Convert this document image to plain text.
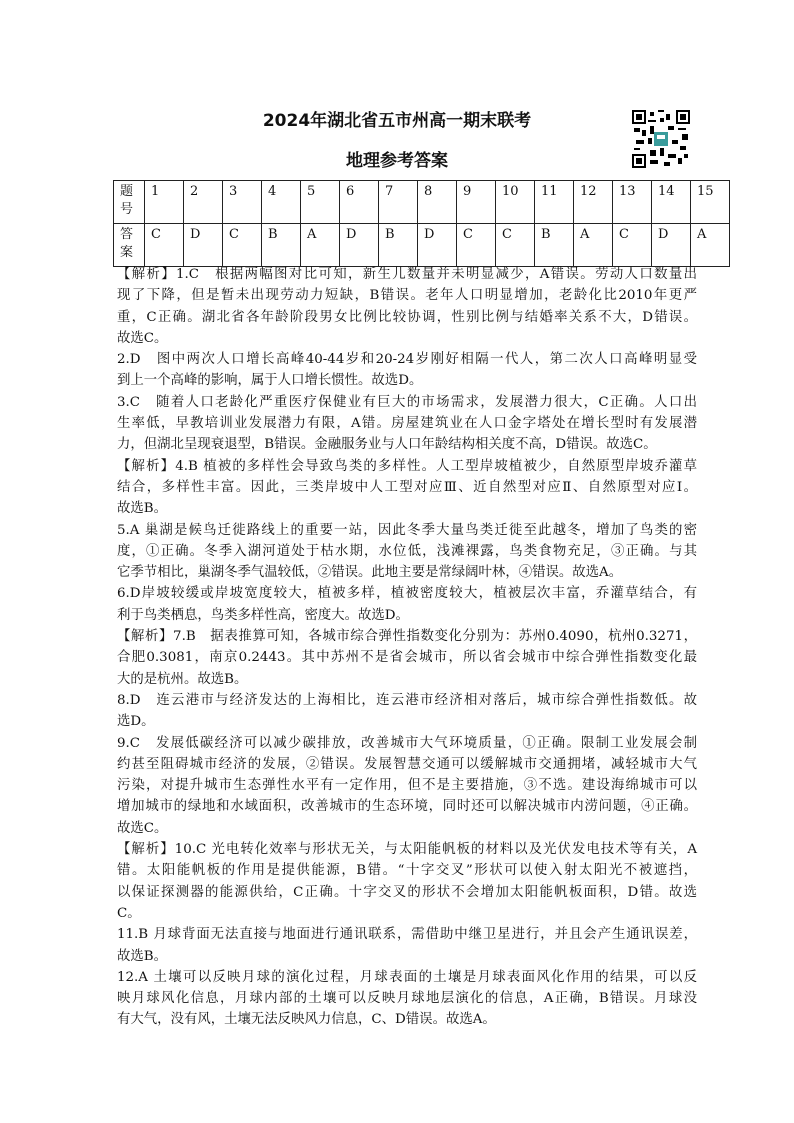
2024年湖北省五市州高一期末联考
地理参考答案
题号	1	2	3	4	5	6	7	8	9	10	11	12	13	14	15
答案	C	D	C	B	A	D	B	D	C	C	B	A	C	D	A
【解析】1.C　根据两幅图对比可知，新生儿数量并未明显减少，A错误。劳动人口数量出
现了下降，但是暂未出现劳动力短缺，B错误。老年人口明显增加，老龄化比2010年更严
重，C正确。湖北省各年龄阶段男女比例比较协调，性别比例与结婚率关系不大，D错误。
故选C。
2.D　图中两次人口增长高峰40-44岁和20-24岁刚好相隔一代人，第二次人口高峰明显受
到上一个高峰的影响，属于人口增长惯性。故选D。
3.C　随着人口老龄化严重医疗保健业有巨大的市场需求，发展潜力很大，C正确。人口出
生率低，早教培训业发展潜力有限，A错。房屋建筑业在人口金字塔处在增长型时有发展潜
力，但湖北呈现衰退型，B错误。金融服务业与人口年龄结构相关度不高，D错误。故选C。
【解析】4.B 植被的多样性会导致鸟类的多样性。人工型岸坡植被少，自然原型岸坡乔灌草
结合，多样性丰富。因此，三类岸坡中人工型对应Ⅲ、近自然型对应Ⅱ、自然原型对应Ⅰ。
故选B。
5.A 巢湖是候鸟迁徙路线上的重要一站，因此冬季大量鸟类迁徙至此越冬，增加了鸟类的密
度，①正确。冬季入湖河道处于枯水期，水位低，浅滩裸露，鸟类食物充足，③正确。与其
它季节相比，巢湖冬季气温较低，②错误。此地主要是常绿阔叶林，④错误。故选A。
6.D岸坡较缓或岸坡宽度较大，植被多样，植被密度较大，植被层次丰富，乔灌草结合，有
利于鸟类栖息，鸟类多样性高，密度大。故选D。
【解析】7.B　据表推算可知，各城市综合弹性指数变化分别为：苏州0.4090，杭州0.3271，
合肥0.3081，南京0.2443。其中苏州不是省会城市，所以省会城市中综合弹性指数变化最
大的是杭州。故选B。
8.D　连云港市与经济发达的上海相比，连云港市经济相对落后，城市综合弹性指数低。故
选D。
9.C　发展低碳经济可以减少碳排放，改善城市大气环境质量，①正确。限制工业发展会制
约甚至阻碍城市经济的发展，②错误。发展智慧交通可以缓解城市交通拥堵，减轻城市大气
污染，对提升城市生态弹性水平有一定作用，但不是主要措施，③不选。建设海绵城市可以
增加城市的绿地和水域面积，改善城市的生态环境，同时还可以解决城市内涝问题，④正确。
故选C。
【解析】10.C 光电转化效率与形状无关，与太阳能帆板的材料以及光伏发电技术等有关，A
错。太阳能帆板的作用是提供能源，B错。“十字交叉”形状可以使入射太阳光不被遮挡，
以保证探测器的能源供给，C正确。十字交叉的形状不会增加太阳能帆板面积，D错。故选
C。
11.B 月球背面无法直接与地面进行通讯联系，需借助中继卫星进行，并且会产生通讯误差，
故选B。
12.A 土壤可以反映月球的演化过程，月球表面的土壤是月球表面风化作用的结果，可以反
映月球风化信息，月球内部的土壤可以反映月球地层演化的信息，A正确，B错误。月球没
有大气，没有风，土壤无法反映风力信息，C、D错误。故选A。
